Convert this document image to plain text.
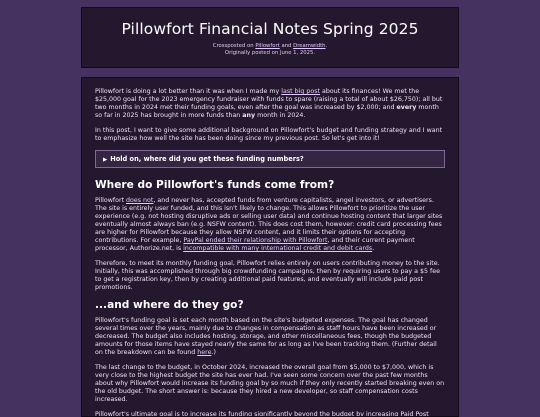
Pillowfort Financial Notes Spring 2025

Crossposted on Pillowfort and Dreamwidth.

Originally posted on June 1, 2025.

Pillowfort is doing a lot better than it was when I made my last big post about its finances! We met the $25,000 goal for the 2023 emergency fundraiser with funds to spare (raising a total of about $26,750); all but two months in 2024 met their funding goals, even after the goal was increased by $2,000; and every month so far in 2025 has brought in more funds than any month in 2024.

In this post, I want to give some additional background on Pillowfort's budget and funding strategy and I want to emphasize how well the site has been doing since my previous post. So let's get into it!

▶ Hold on, where did you get these funding numbers?
Where do Pillowfort's funds come from?

Pillowfort does not, and never has, accepted funds from venture capitalists, angel investors, or advertisers. The site is entirely user funded, and this isn't likely to change. This allows Pillowfort to prioritize the user experience (e.g. not hosting disruptive ads or selling user data) and continue hosting content that larger sites eventually almost always ban (e.g. NSFW content). This does cost them, however: credit card processing fees are higher for Pillowfort because they allow NSFW content, and it limits their options for accepting contributions. For example, PayPal ended their relationship with Pillowfort, and their current payment processor, Authorize.net, is incompatible with many international credit and debit cards.

Therefore, to meet its monthly funding goal, Pillowfort relies entirely on users contributing money to the site. Initially, this was accomplished through big crowdfunding campaigns, then by requiring users to pay a $5 fee to get a registration key, then by creating additional paid features, and eventually will include paid post promotions.

...and where do they go?

Pillowfort's funding goal is set each month based on the site's budgeted expenses. The goal has changed several times over the years, mainly due to changes in compensation as staff hours have been increased or decreased. The budget also includes hosting, storage, and other miscellaneous fees, though the budgeted amounts for those items have stayed nearly the same for as long as I've been tracking them. (Further detail on the breakdown can be found here.)

The last change to the budget, in October 2024, increased the overall goal from $5,000 to $7,000, which is very close to the highest budget the site has ever had. I've seen some concern over the past few months about why Pillowfort would increase its funding goal by so much if they only recently started breaking even on the old budget. The short answer is: because they hired a new developer, so staff compensation costs increased.

Pillowfort's ultimate goal is to increase its funding significantly beyond the budget by increasing Paid Post
